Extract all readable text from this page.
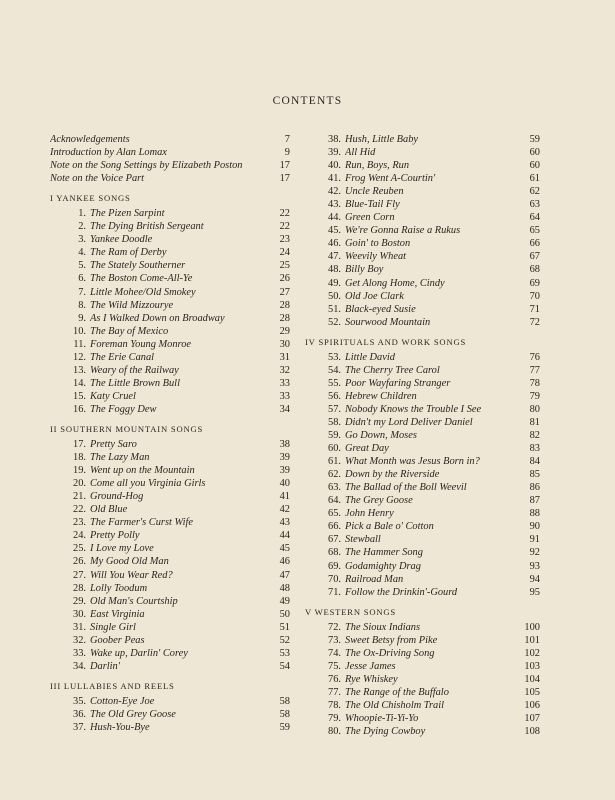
CONTENTS
Acknowledgements	7
Introduction by Alan Lomax	9
Note on the Song Settings by Elizabeth Poston	17
Note on the Voice Part	17
I YANKEE SONGS
1. The Pizen Sarpint	22
2. The Dying British Sergeant	22
3. Yankee Doodle	23
4. The Ram of Derby	24
5. The Stately Southerner	25
6. The Boston Come-All-Ye	26
7. Little Mohee/Old Smokey	27
8. The Wild Mizzourye	28
9. As I Walked Down on Broadway	28
10. The Bay of Mexico	29
11. Foreman Young Monroe	30
12. The Erie Canal	31
13. Weary of the Railway	32
14. The Little Brown Bull	33
15. Katy Cruel	33
16. The Foggy Dew	34
II SOUTHERN MOUNTAIN SONGS
17. Pretty Saro	38
18. The Lazy Man	39
19. Went up on the Mountain	39
20. Come all you Virginia Girls	40
21. Ground-Hog	41
22. Old Blue	42
23. The Farmer's Curst Wife	43
24. Pretty Polly	44
25. I Love my Love	45
26. My Good Old Man	46
27. Will You Wear Red?	47
28. Lolly Toodum	48
29. Old Man's Courtship	49
30. East Virginia	50
31. Single Girl	51
32. Goober Peas	52
33. Wake up, Darlin' Corey	53
34. Darlin'	54
III LULLABIES AND REELS
35. Cotton-Eye Joe	58
36. The Old Grey Goose	58
37. Hush-You-Bye	59
38. Hush, Little Baby	59
39. All Hid	60
40. Run, Boys, Run	60
41. Frog Went A-Courtin'	61
42. Uncle Reuben	62
43. Blue-Tail Fly	63
44. Green Corn	64
45. We're Gonna Raise a Rukus	65
46. Goin' to Boston	66
47. Weevily Wheat	67
48. Billy Boy	68
49. Get Along Home, Cindy	69
50. Old Joe Clark	70
51. Black-eyed Susie	71
52. Sourwood Mountain	72
IV SPIRITUALS AND WORK SONGS
53. Little David	76
54. The Cherry Tree Carol	77
55. Poor Wayfaring Stranger	78
56. Hebrew Children	79
57. Nobody Knows the Trouble I See	80
58. Didn't my Lord Deliver Daniel	81
59. Go Down, Moses	82
60. Great Day	83
61. What Month was Jesus Born in?	84
62. Down by the Riverside	85
63. The Ballad of the Boll Weevil	86
64. The Grey Goose	87
65. John Henry	88
66. Pick a Bale o' Cotton	90
67. Stewball	91
68. The Hammer Song	92
69. Godamighty Drag	93
70. Railroad Man	94
71. Follow the Drinkin'-Gourd	95
V WESTERN SONGS
72. The Sioux Indians	100
73. Sweet Betsy from Pike	101
74. The Ox-Driving Song	102
75. Jesse James	103
76. Rye Whiskey	104
77. The Range of the Buffalo	105
78. The Old Chisholm Trail	106
79. Whoopie-Ti-Yi-Yo	107
80. The Dying Cowboy	108
